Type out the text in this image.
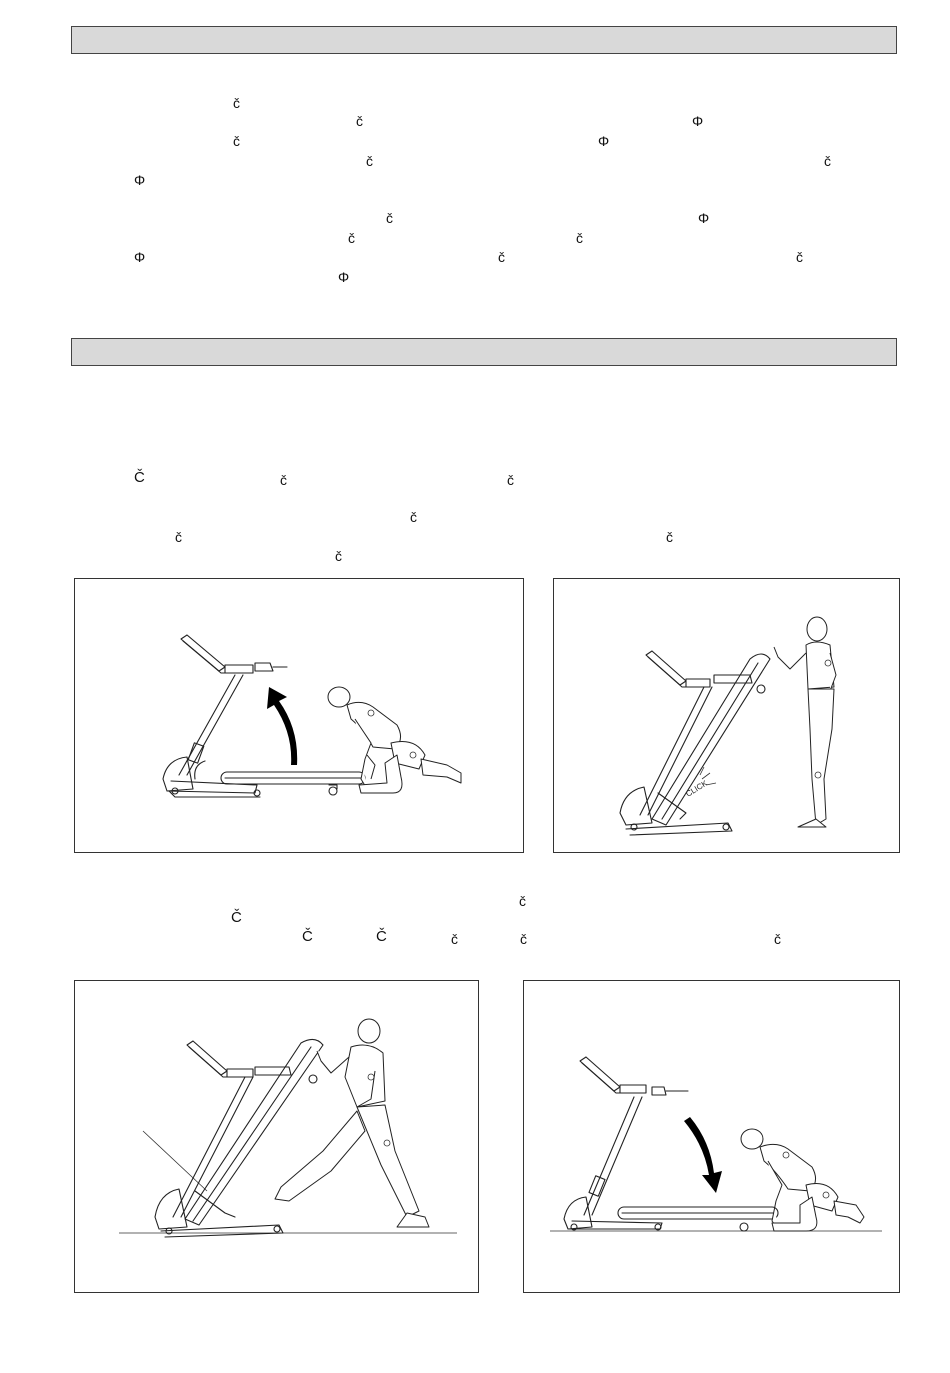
č
č	Φ
č	Φ
č	č
Φ
č	Φ
č	č
Φ	č	č
Φ
Č	č	č
č
č	č
č
č
Č
Č	Č	č	č	č
CLICK
